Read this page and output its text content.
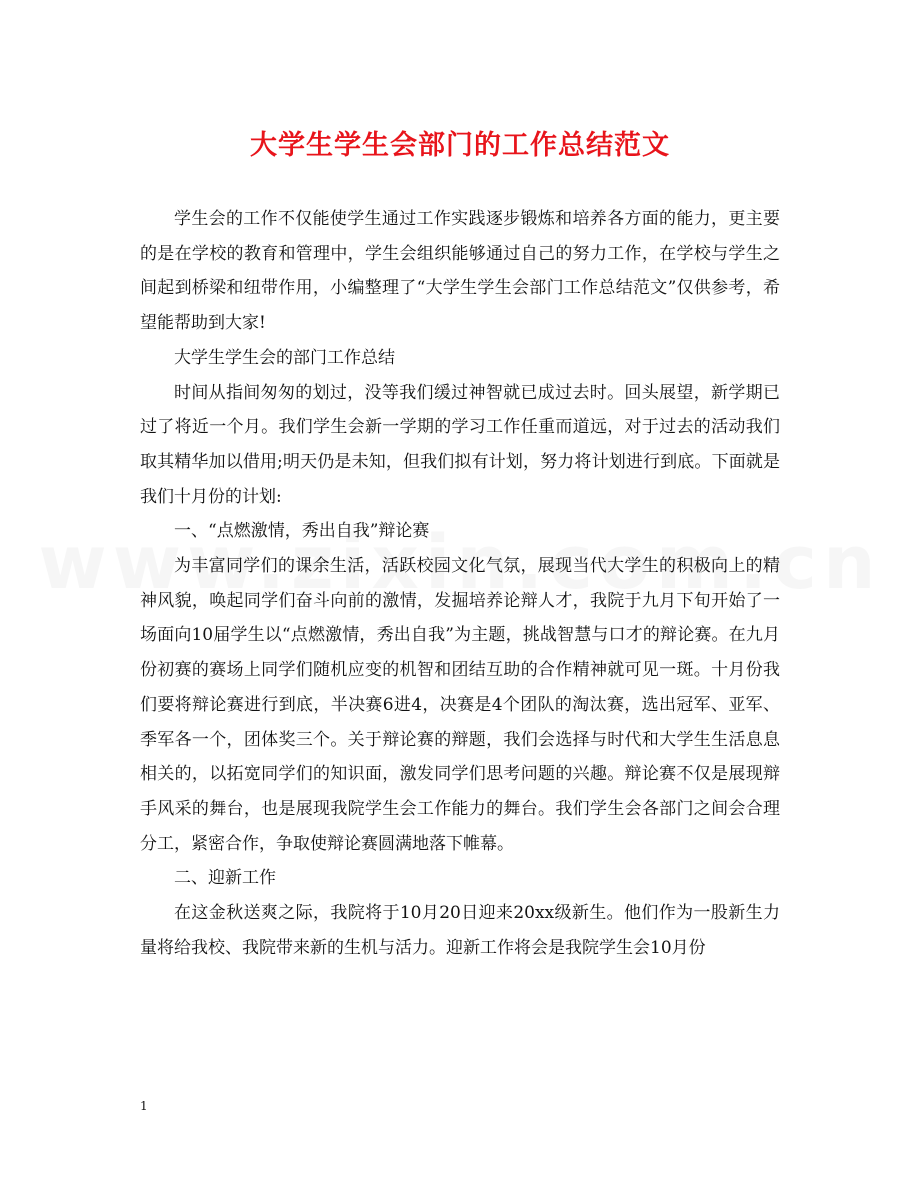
大学生学生会部门的工作总结范文

学生会的工作不仅能使学生通过工作实践逐步锻炼和培养各方面的能力，更主要的是在学校的教育和管理中，学生会组织能够通过自己的努力工作，在学校与学生之间起到桥梁和纽带作用，小编整理了“大学生学生会部门工作总结范文”仅供参考，希望能帮助到大家!

大学生学生会的部门工作总结

时间从指间匆匆的划过，没等我们缓过神智就已成过去时。回头展望，新学期已过了将近一个月。我们学生会新一学期的学习工作任重而道远，对于过去的活动我们取其精华加以借用;明天仍是未知，但我们拟有计划，努力将计划进行到底。下面就是我们十月份的计划:

一、“点燃激情，秀出自我”辩论赛

为丰富同学们的课余生活，活跃校园文化气氛，展现当代大学生的积极向上的精神风貌，唤起同学们奋斗向前的激情，发掘培养论辩人才，我院于九月下旬开始了一场面向10届学生以“点燃激情，秀出自我”为主题，挑战智慧与口才的辩论赛。在九月份初赛的赛场上同学们随机应变的机智和团结互助的合作精神就可见一斑。十月份我们要将辩论赛进行到底，半决赛6进4，决赛是4个团队的淘汰赛，选出冠军、亚军、季军各一个，团体奖三个。关于辩论赛的辩题，我们会选择与时代和大学生生活息息相关的，以拓宽同学们的知识面，激发同学们思考问题的兴趣。辩论赛不仅是展现辩手风采的舞台，也是展现我院学生会工作能力的舞台。我们学生会各部门之间会合理分工，紧密合作，争取使辩论赛圆满地落下帷幕。

二、迎新工作

在这金秋送爽之际，我院将于10月20日迎来20xx级新生。他们作为一股新生力量将给我校、我院带来新的生机与活力。迎新工作将会是我院学生会10月份

1
